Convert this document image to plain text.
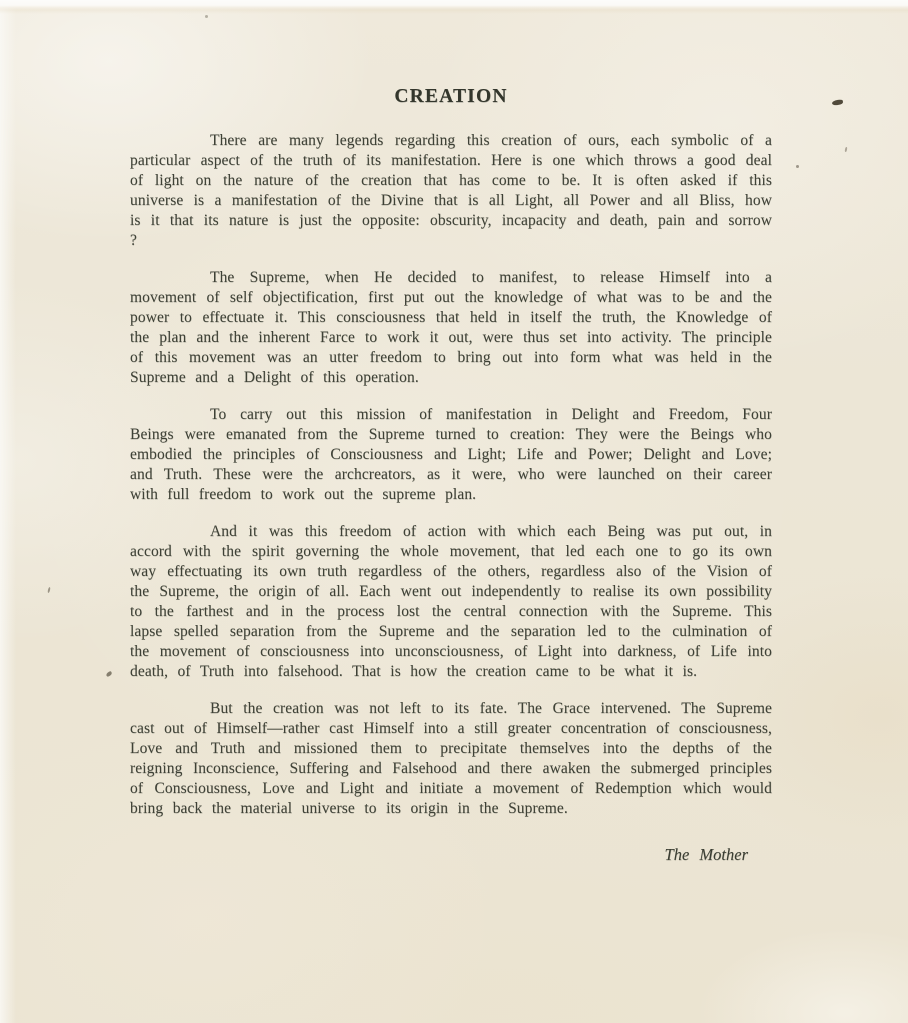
CREATION

There are many legends regarding this creation of ours, each symbolic of a particular aspect of the truth of its manifestation. Here is one which throws a good deal of light on the nature of the creation that has come to be. It is often asked if this universe is a manifestation of the Divine that is all Light, all Power and all Bliss, how is it that its nature is just the opposite: obscurity, incapacity and death, pain and sorrow ?

The Supreme, when He decided to manifest, to release Himself into a movement of self objectification, first put out the knowledge of what was to be and the power to effectuate it. This consciousness that held in itself the truth, the Knowledge of the plan and the inherent Farce to work it out, were thus set into activity. The principle of this movement was an utter freedom to bring out into form what was held in the Supreme and a Delight of this operation.

To carry out this mission of manifestation in Delight and Freedom, Four Beings were emanated from the Supreme turned to creation: They were the Beings who embodied the principles of Consciousness and Light; Life and Power; Delight and Love; and Truth. These were the archcreators, as it were, who were launched on their career with full freedom to work out the supreme plan.

And it was this freedom of action with which each Being was put out, in accord with the spirit governing the whole movement, that led each one to go its own way effectuating its own truth regardless of the others, regardless also of the Vision of the Supreme, the origin of all. Each went out independently to realise its own possibility to the farthest and in the process lost the central connection with the Supreme. This lapse spelled separation from the Supreme and the separation led to the culmination of the movement of consciousness into unconsciousness, of Light into darkness, of Life into death, of Truth into falsehood. That is how the creation came to be what it is.

But the creation was not left to its fate. The Grace intervened. The Supreme cast out of Himself—rather cast Himself into a still greater concentration of consciousness, Love and Truth and missioned them to precipitate themselves into the depths of the reigning Inconscience, Suffering and Falsehood and there awaken the submerged principles of Consciousness, Love and Light and initiate a movement of Redemption which would bring back the material universe to its origin in the Supreme.

The Mother
